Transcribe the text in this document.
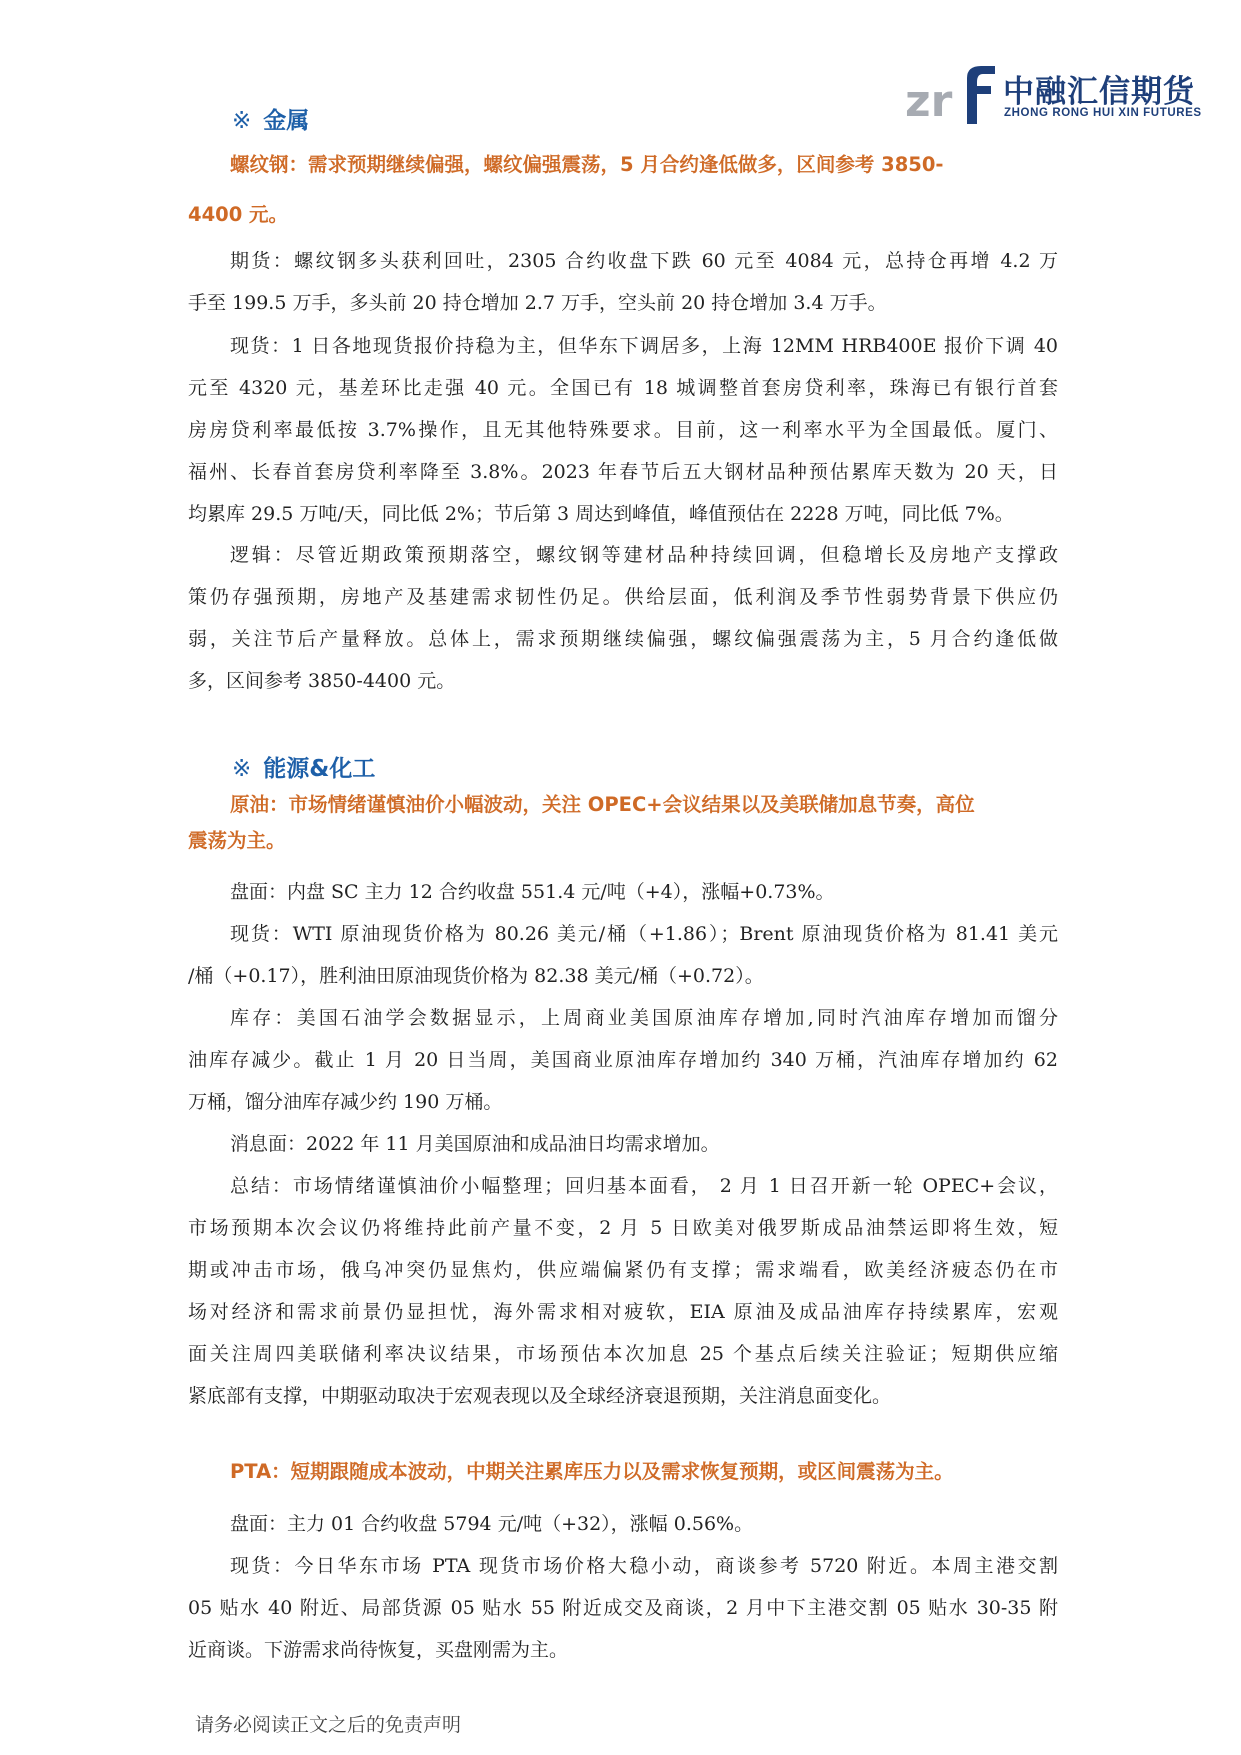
zr 中融汇信期货
ZHONG RONG HUI XIN FUTURES
※ 金属
螺纹钢：需求预期继续偏强，螺纹偏强震荡，5 月合约逢低做多，区间参考 3850-
4400 元。
期货：螺纹钢多头获利回吐，2305 合约收盘下跌 60 元至 4084 元，总持仓再增 4.2 万
手至 199.5 万手，多头前 20 持仓增加 2.7 万手，空头前 20 持仓增加 3.4 万手。
现货：1 日各地现货报价持稳为主，但华东下调居多，上海 12MM HRB400E 报价下调 40
元至 4320 元，基差环比走强 40 元。全国已有 18 城调整首套房贷利率，珠海已有银行首套
房房贷利率最低按 3.7%操作，且无其他特殊要求。目前，这一利率水平为全国最低。厦门、
福州、长春首套房贷利率降至 3.8%。2023 年春节后五大钢材品种预估累库天数为 20 天，日
均累库 29.5 万吨/天，同比低 2%；节后第 3 周达到峰值，峰值预估在 2228 万吨，同比低 7%。
逻辑：尽管近期政策预期落空，螺纹钢等建材品种持续回调，但稳增长及房地产支撑政
策仍存强预期，房地产及基建需求韧性仍足。供给层面，低利润及季节性弱势背景下供应仍
弱，关注节后产量释放。总体上，需求预期继续偏强，螺纹偏强震荡为主，5 月合约逢低做
多，区间参考 3850-4400 元。
※ 能源&化工
原油：市场情绪谨慎油价小幅波动，关注 OPEC+会议结果以及美联储加息节奏，高位
震荡为主。
盘面：内盘 SC 主力 12 合约收盘 551.4 元/吨（+4），涨幅+0.73%。
现货：WTI 原油现货价格为 80.26 美元/桶（+1.86）；Brent 原油现货价格为 81.41 美元
/桶（+0.17），胜利油田原油现货价格为 82.38 美元/桶（+0.72）。
库存：美国石油学会数据显示，上周商业美国原油库存增加,同时汽油库存增加而馏分
油库存减少。截止 1 月 20 日当周，美国商业原油库存增加约 340 万桶，汽油库存增加约 62
万桶，馏分油库存减少约 190 万桶。
消息面：2022 年 11 月美国原油和成品油日均需求增加。
总结：市场情绪谨慎油价小幅整理；回归基本面看， 2 月 1 日召开新一轮 OPEC+会议，
市场预期本次会议仍将维持此前产量不变，2 月 5 日欧美对俄罗斯成品油禁运即将生效，短
期或冲击市场，俄乌冲突仍显焦灼，供应端偏紧仍有支撑；需求端看，欧美经济疲态仍在市
场对经济和需求前景仍显担忧，海外需求相对疲软，EIA 原油及成品油库存持续累库，宏观
面关注周四美联储利率决议结果，市场预估本次加息 25 个基点后续关注验证；短期供应缩
紧底部有支撑，中期驱动取决于宏观表现以及全球经济衰退预期，关注消息面变化。
PTA：短期跟随成本波动，中期关注累库压力以及需求恢复预期，或区间震荡为主。
盘面：主力 01 合约收盘 5794 元/吨（+32），涨幅 0.56%。
现货：今日华东市场 PTA 现货市场价格大稳小动，商谈参考 5720 附近。本周主港交割
05 贴水 40 附近、局部货源 05 贴水 55 附近成交及商谈，2 月中下主港交割 05 贴水 30-35 附
近商谈。下游需求尚待恢复，买盘刚需为主。
请务必阅读正文之后的免责声明
